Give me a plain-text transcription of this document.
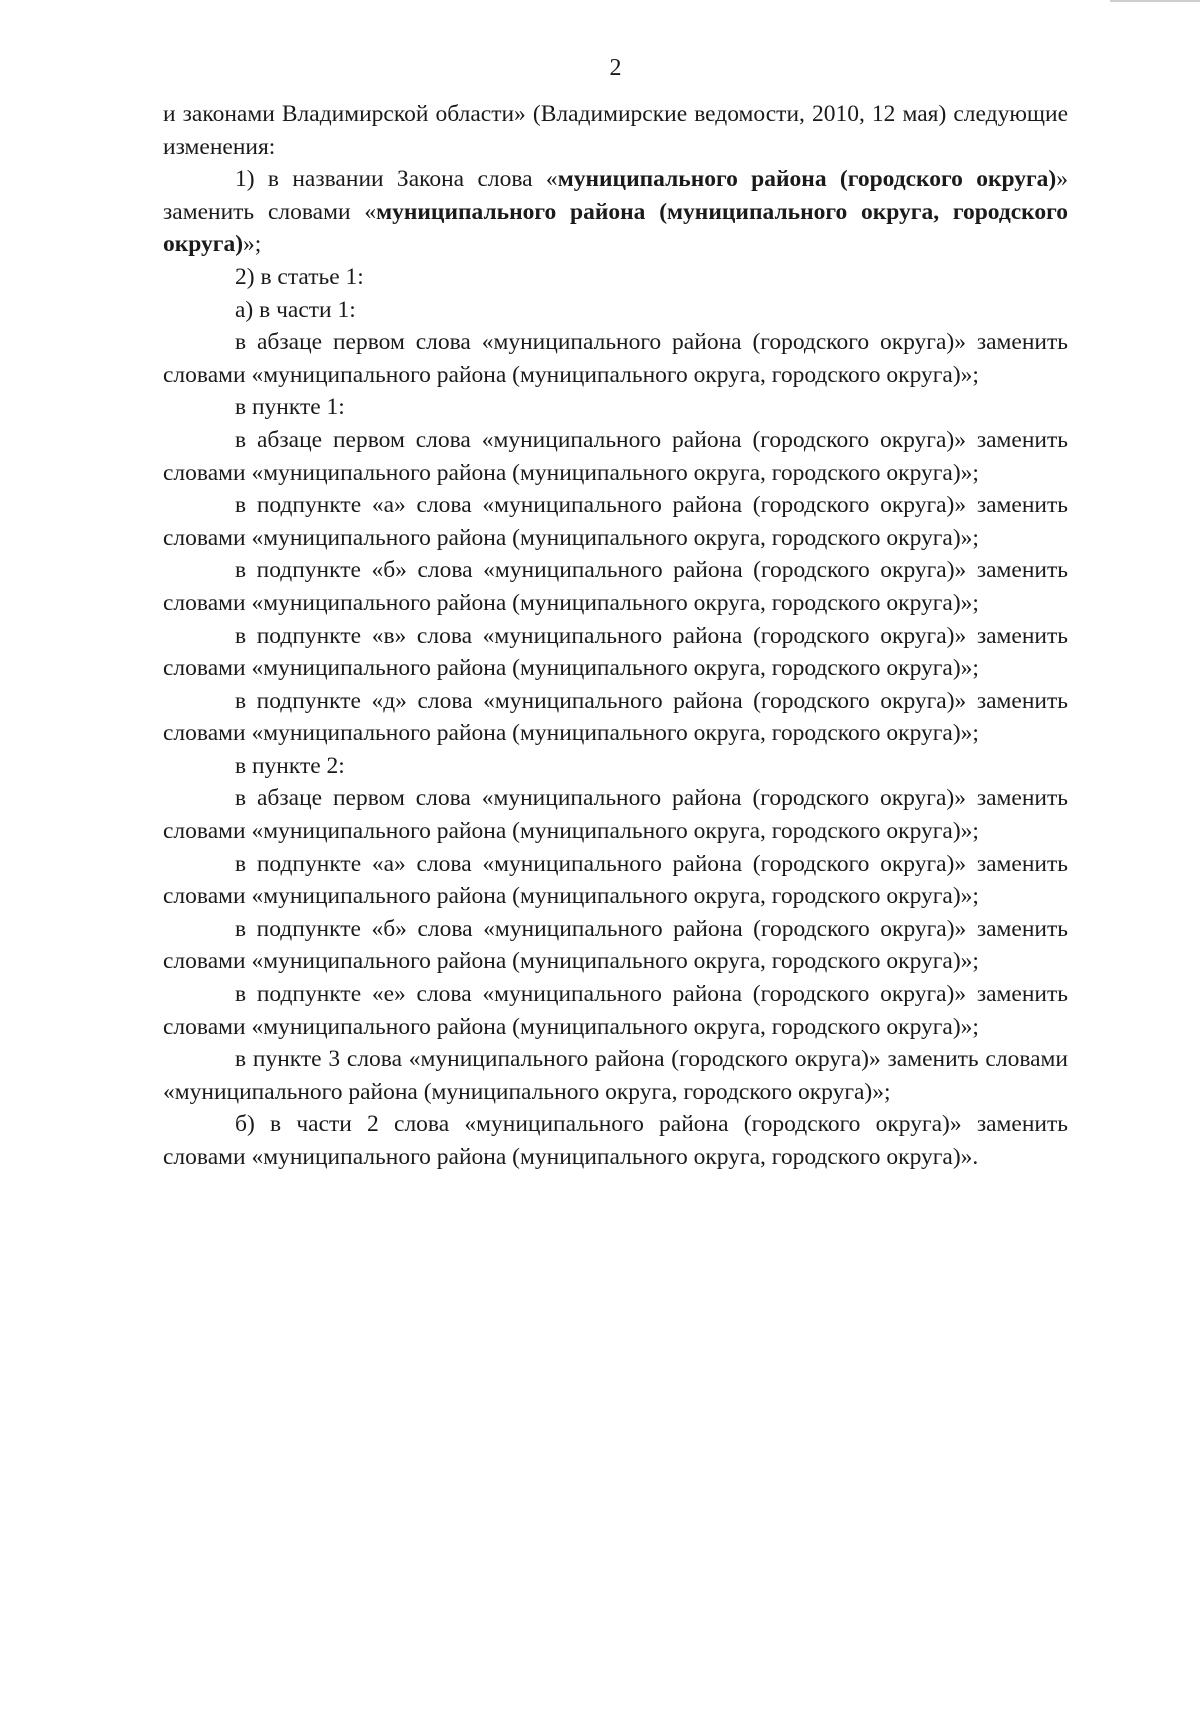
2

и законами Владимирской области» (Владимирские ведомости, 2010, 12 мая) следующие изменения:

1) в названии Закона слова «муниципального района (городского округа)» заменить словами «муниципального района (муниципального округа, городского округа)»;

2) в статье 1:

а) в части 1:

в абзаце первом слова «муниципального района (городского округа)» заменить словами «муниципального района (муниципального округа, городского округа)»;

в пункте 1:

в абзаце первом слова «муниципального района (городского округа)» заменить словами «муниципального района (муниципального округа, городского округа)»;

в подпункте «а» слова «муниципального района (городского округа)» заменить словами «муниципального района (муниципального округа, городского округа)»;

в подпункте «б» слова «муниципального района (городского округа)» заменить словами «муниципального района (муниципального округа, городского округа)»;

в подпункте «в» слова «муниципального района (городского округа)» заменить словами «муниципального района (муниципального округа, городского округа)»;

в подпункте «д» слова «муниципального района (городского округа)» заменить словами «муниципального района (муниципального округа, городского округа)»;

в пункте 2:

в абзаце первом слова «муниципального района (городского округа)» заменить словами «муниципального района (муниципального округа, городского округа)»;

в подпункте «а» слова «муниципального района (городского округа)» заменить словами «муниципального района (муниципального округа, городского округа)»;

в подпункте «б» слова «муниципального района (городского округа)» заменить словами «муниципального района (муниципального округа, городского округа)»;

в подпункте «е» слова «муниципального района (городского округа)» заменить словами «муниципального района (муниципального округа, городского округа)»;

в пункте 3 слова «муниципального района (городского округа)» заменить словами «муниципального района (муниципального округа, городского округа)»;

б) в части 2 слова «муниципального района (городского округа)» заменить словами «муниципального района (муниципального округа, городского округа)».
